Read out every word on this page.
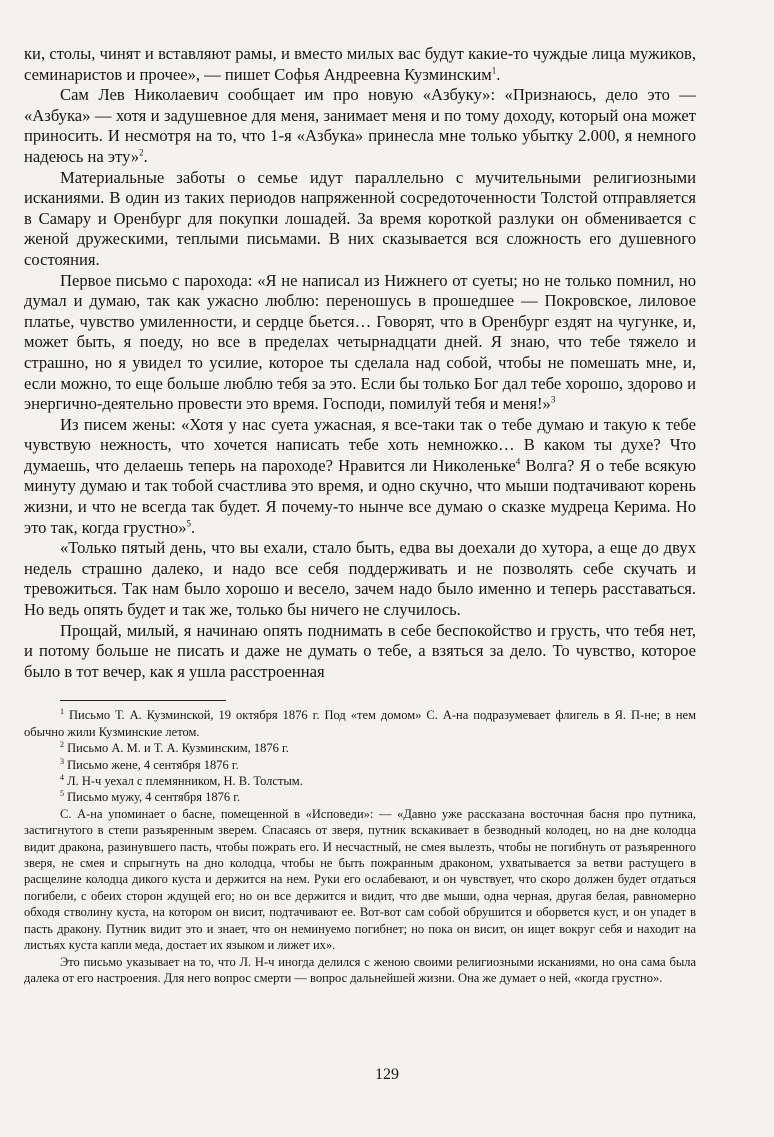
ки, столы, чинят и вставляют рамы, и вместо милых вас будут какие-то чуждые лица мужиков, семинаристов и прочее», — пишет Софья Андреевна Кузминским$^1$.

Сам Лев Николаевич сообщает им про новую «Азбуку»: «Признаюсь, дело это — «Азбука» — хотя и задушевное для меня, занимает меня и по тому доходу, который она может приносить. И несмотря на то, что 1-я «Азбука» принесла мне только убытку 2.000, я немного надеюсь на эту»$^2$.

Материальные заботы о семье идут параллельно с мучительными религиозными исканиями. В один из таких периодов напряженной сосредоточенности Толстой отправляется в Самару и Оренбург для покупки лошадей. За время короткой разлуки он обменивается с женой дружескими, теплыми письмами. В них сказывается вся сложность его душевного состояния.

Первое письмо с парохода: «Я не написал из Нижнего от суеты; но не только помнил, но думал и думаю, так как ужасно люблю: переношусь в прошедшее — Покровское, лиловое платье, чувство умиленности, и сердце бьется… Говорят, что в Оренбург ездят на чугунке, и, может быть, я поеду, но все в пределах четырнадцати дней. Я знаю, что тебе тяжело и страшно, но я увидел то усилие, которое ты сделала над собой, чтобы не помешать мне, и, если можно, то еще больше люблю тебя за это. Если бы только Бог дал тебе хорошо, здорово и энергично-деятельно провести это время. Господи, помилуй тебя и меня!»$^3$

Из писем жены: «Хотя у нас суета ужасная, я все-таки так о тебе думаю и такую к тебе чувствую нежность, что хочется написать тебе хоть немножко… В каком ты духе? Что думаешь, что делаешь теперь на пароходе? Нравится ли Николеньке$^4$ Волга? Я о тебе всякую минуту думаю и так тобой счастлива это время, и одно скучно, что мыши подтачивают корень жизни, и что не всегда так будет. Я почему-то нынче все думаю о сказке мудреца Керима. Но это так, когда грустно»$^5$.

«Только пятый день, что вы ехали, стало быть, едва вы доехали до хутора, а еще до двух недель страшно далеко, и надо все себя поддерживать и не позволять себе скучать и тревожиться. Так нам было хорошо и весело, зачем надо было именно и теперь расставаться. Но ведь опять будет и так же, только бы ничего не случилось.

Прощай, милый, я начинаю опять поднимать в себе беспокойство и грусть, что тебя нет, и потому больше не писать и даже не думать о тебе, а взяться за дело. То чувство, которое было в тот вечер, как я ушла расстроенная

$^1$ Письмо Т. А. Кузминской, 19 октября 1876 г. Под «тем домом» С. А-на подразумевает флигель в Я. П-не; в нем обычно жили Кузминские летом.

$^2$ Письмо А. М. и Т. А. Кузминским, 1876 г.

$^3$ Письмо жене, 4 сентября 1876 г.

$^4$ Л. Н-ч уехал с племянником, Н. В. Толстым.

$^5$ Письмо мужу, 4 сентября 1876 г.

С. А-на упоминает о басне, помещенной в «Исповеди»: — «Давно уже рассказана восточная басня про путника, застигнутого в степи разъяренным зверем. Спасаясь от зверя, путник вскакивает в безводный колодец, но на дне колодца видит дракона, разинувшего пасть, чтобы пожрать его. И несчастный, не смея вылезть, чтобы не погибнуть от разъяренного зверя, не смея и спрыгнуть на дно колодца, чтобы не быть пожранным драконом, ухватывается за ветви растущего в расщелине колодца дикого куста и держится на нем. Руки его ослабевают, и он чувствует, что скоро должен будет отдаться погибели, с обеих сторон ждущей его; но он все держится и видит, что две мыши, одна черная, другая белая, равномерно обходя стволину куста, на котором он висит, подтачивают ее. Вот-вот сам собой обрушится и оборвется куст, и он упадет в пасть дракону. Путник видит это и знает, что он неминуемо погибнет; но пока он висит, он ищет вокруг себя и находит на листьях куста капли меда, достает их языком и лижет их».

Это письмо указывает на то, что Л. Н-ч иногда делился с женою своими религиозными исканиями, но она сама была далека от его настроения. Для него вопрос смерти — вопрос дальнейшей жизни. Она же думает о ней, «когда грустно».

129
